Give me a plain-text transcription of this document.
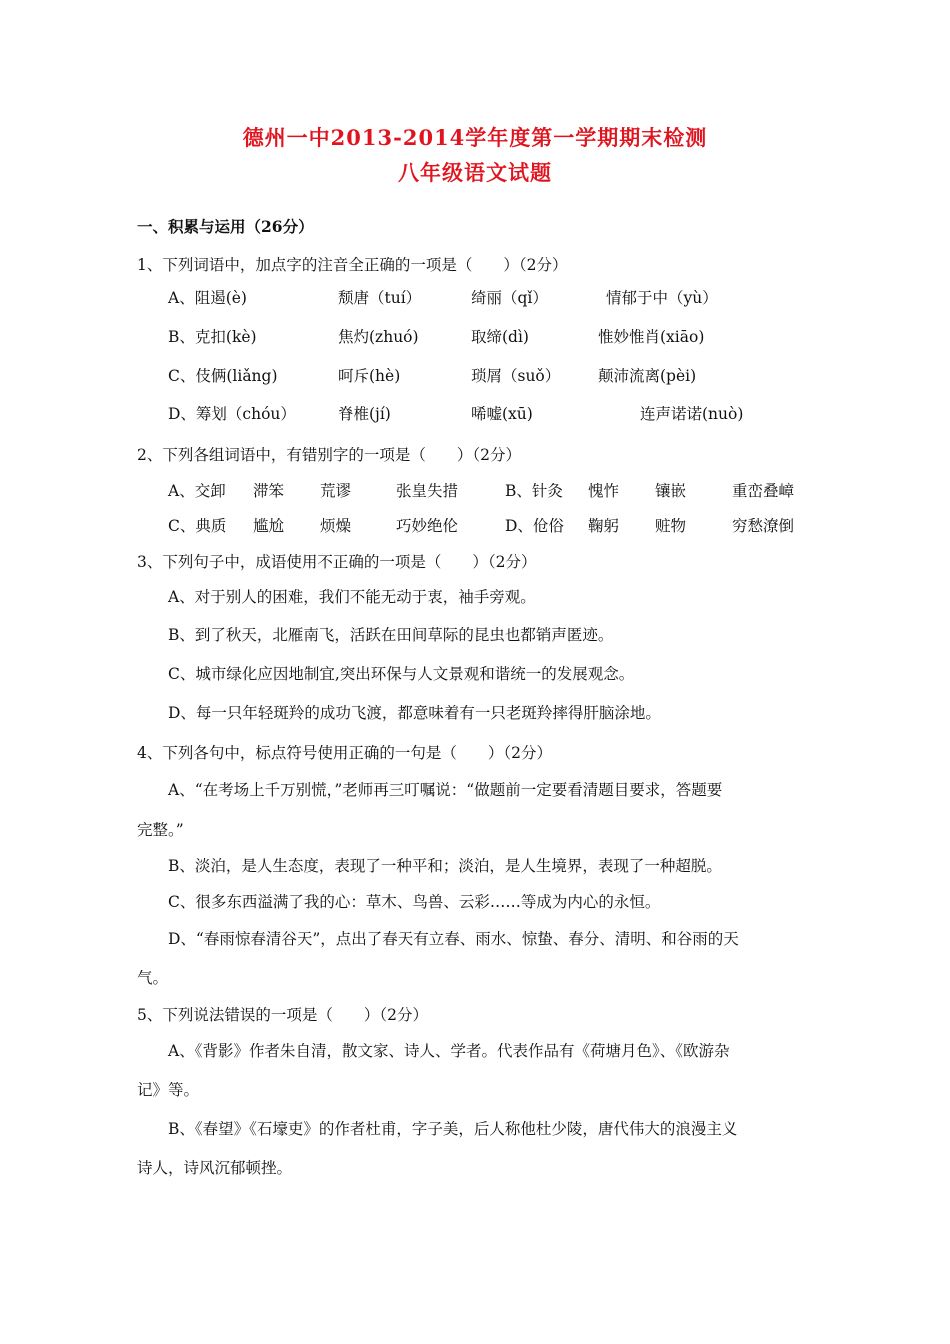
德州一中2013-2014学年度第一学期期末检测
八年级语文试题
一、积累与运用（26分）
1、下列词语中，加点字的注音全正确的一项是（　　）（2分）
A、阻遏(è)	颓唐（tuí）	绮丽（qǐ）	情郁于中（yù）
B、克扣(kè)	焦灼(zhuó)	取缔(dì)	惟妙惟肖(xiāo)
C、伎俩(liǎng)	呵斥(hè)	琐屑（suǒ） 颠沛流离(pèi)
D、筹划（chóu）	脊椎(jí)	唏嘘(xū)	连声诺诺(nuò)
2、下列各组词语中，有错别字的一项是（　　）（2分）
A、交卸 滞笨 荒谬	张皇失措	B、针灸 愧怍 镶嵌	重峦叠嶂
C、典质 尴尬 烦燥	巧妙绝伦	D、伧俗 鞠躬 赃物	穷愁潦倒
3、下列句子中，成语使用不正确的一项是（　　）（2分）
A、对于别人的困难，我们不能无动于衷，袖手旁观。
B、到了秋天，北雁南飞，活跃在田间草际的昆虫也都销声匿迹。
C、城市绿化应因地制宜,突出环保与人文景观和谐统一的发展观念。
D、每一只年轻斑羚的成功飞渡，都意味着有一只老斑羚摔得肝脑涂地。
4、下列各句中，标点符号使用正确的一句是（　　）（2分）
A、“在考场上千万别慌，”老师再三叮嘱说：“做题前一定要看清题目要求，答题要
完整。”
B、淡泊，是人生态度，表现了一种平和；淡泊，是人生境界，表现了一种超脱。
C、很多东西溢满了我的心：草木、鸟兽、云彩……等成为内心的永恒。
D、“春雨惊春清谷天”，点出了春天有立春、雨水、惊蛰、春分、清明、和谷雨的天
气。
5、下列说法错误的一项是（　　）（2分）
A、《背影》作者朱自清，散文家、诗人、学者。代表作品有《荷塘月色》、《欧游杂
记》等。
B、《春望》《石壕吏》的作者杜甫，字子美，后人称他杜少陵，唐代伟大的浪漫主义
诗人，诗风沉郁顿挫。
